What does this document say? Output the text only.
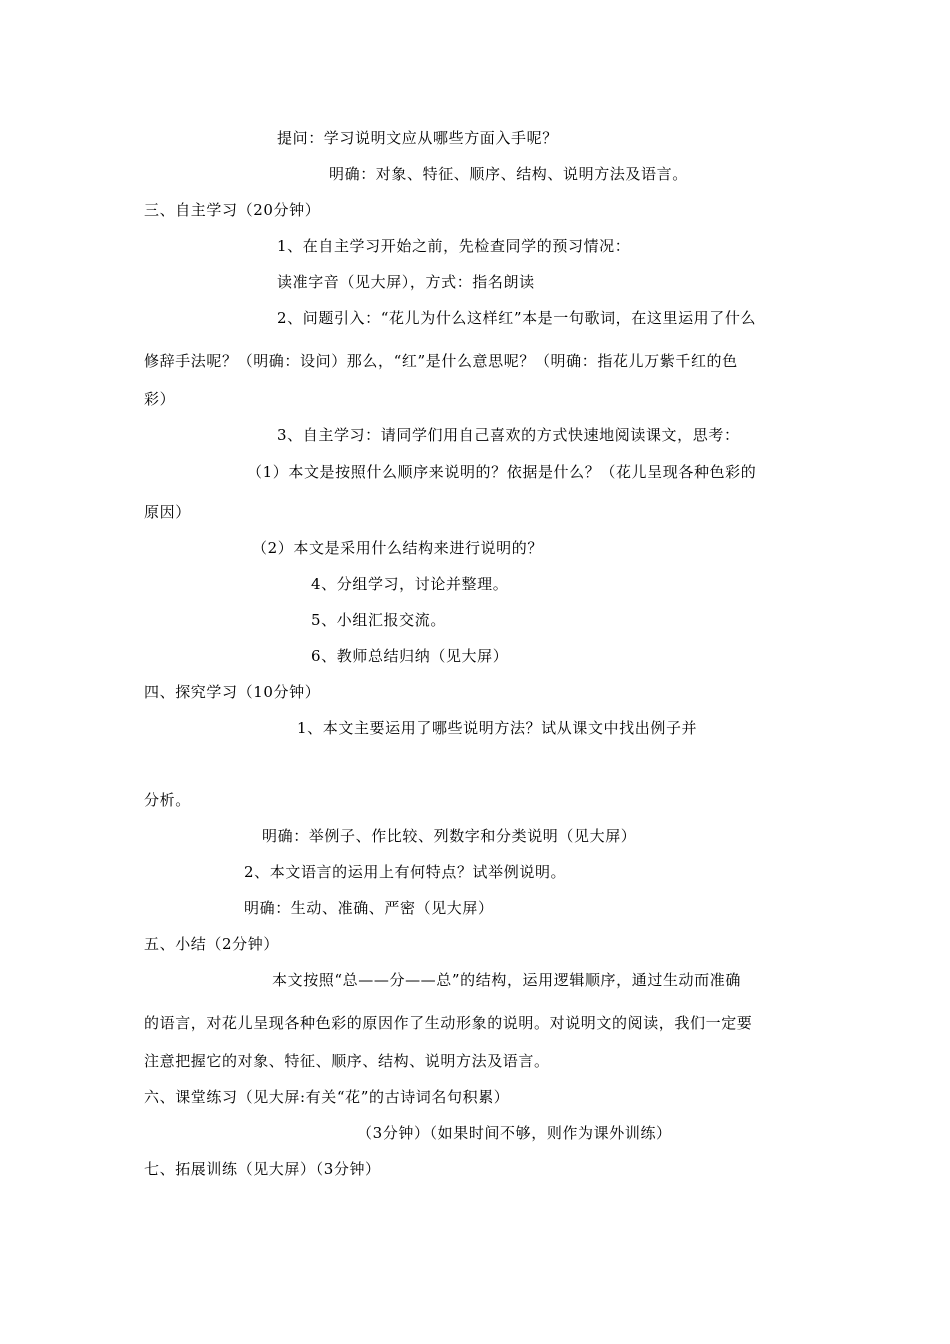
提问：学习说明文应从哪些方面入手呢？
明确：对象、特征、顺序、结构、说明方法及语言。
三、自主学习（20分钟）
1、在自主学习开始之前，先检查同学的预习情况：
读准字音（见大屏），方式：指名朗读
2、问题引入：“花儿为什么这样红”本是一句歌词，在这里运用了什么
修辞手法呢？（明确：设问）那么，“红”是什么意思呢？（明确：指花儿万紫千红的色
彩）
3、自主学习：请同学们用自己喜欢的方式快速地阅读课文，思考：
（1）本文是按照什么顺序来说明的？依据是什么？（花儿呈现各种色彩的
原因）
（2）本文是采用什么结构来进行说明的？
4、分组学习，讨论并整理。
5、小组汇报交流。
6、教师总结归纳（见大屏）
四、探究学习（10分钟）
1、本文主要运用了哪些说明方法？试从课文中找出例子并
分析。
明确：举例子、作比较、列数字和分类说明（见大屏）
2、本文语言的运用上有何特点？试举例说明。
明确：生动、准确、严密（见大屏）
五、小结（2分钟）
本文按照“总——分——总”的结构，运用逻辑顺序，通过生动而准确
的语言，对花儿呈现各种色彩的原因作了生动形象的说明。对说明文的阅读，我们一定要
注意把握它的对象、特征、顺序、结构、说明方法及语言。
六、课堂练习（见大屏:有关“花”的古诗词名句积累）
（3分钟）（如果时间不够，则作为课外训练）
七、拓展训练（见大屏）（3分钟）
